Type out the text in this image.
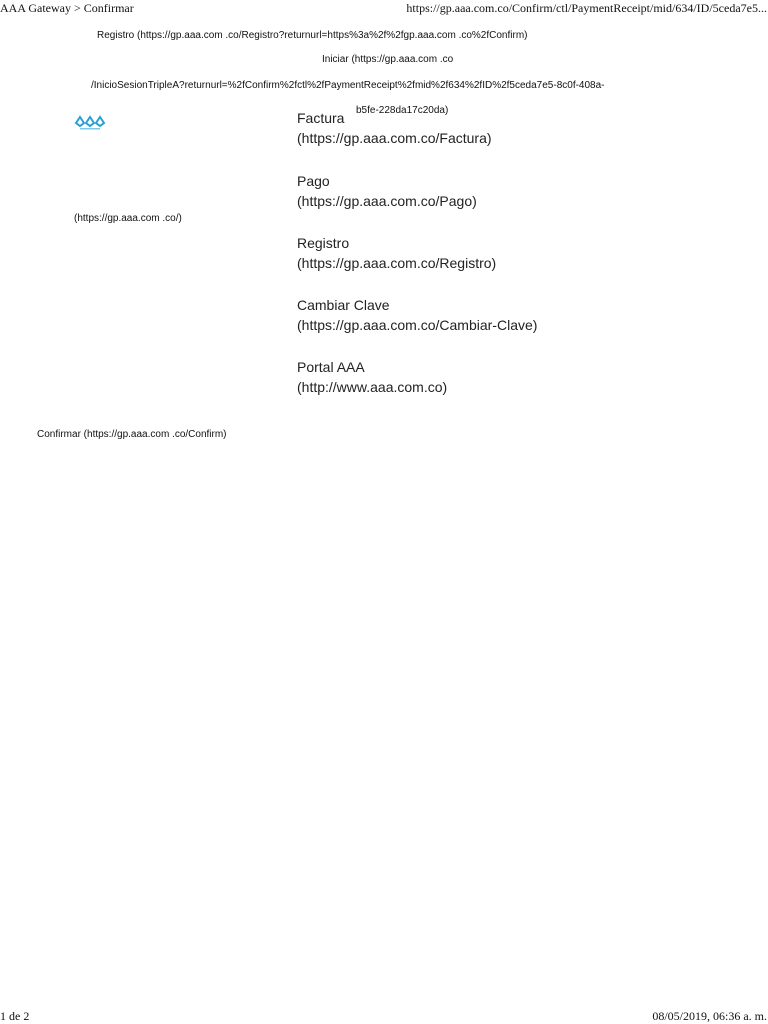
AAA Gateway > Confirmar	https://gp.aaa.com.co/Confirm/ctl/PaymentReceipt/mid/634/ID/5ceda7e5...
Registro (https://gp.aaa.com .co/Registro?returnurl=https%3a%2f%2fgp.aaa.com .co%2fConfirm)
Iniciar (https://gp.aaa.com .co
/InicioSesionTripleA?returnurl=%2fConfirm%2fctl%2fPaymentReceipt%2fmid%2f634%2fID%2f5ceda7e5-8c0f-408a-
b5fe-228da17c20da)
(https://gp.aaa.com .co/)
Factura
(https://gp.aaa.com.co/Factura)
Pago
(https://gp.aaa.com.co/Pago)
Registro
(https://gp.aaa.com.co/Registro)
Cambiar Clave
(https://gp.aaa.com.co/Cambiar-Clave)
Portal AAA
(http://www.aaa.com.co)
Confirmar (https://gp.aaa.com .co/Confirm)
1 de 2	08/05/2019, 06:36 a. m.
